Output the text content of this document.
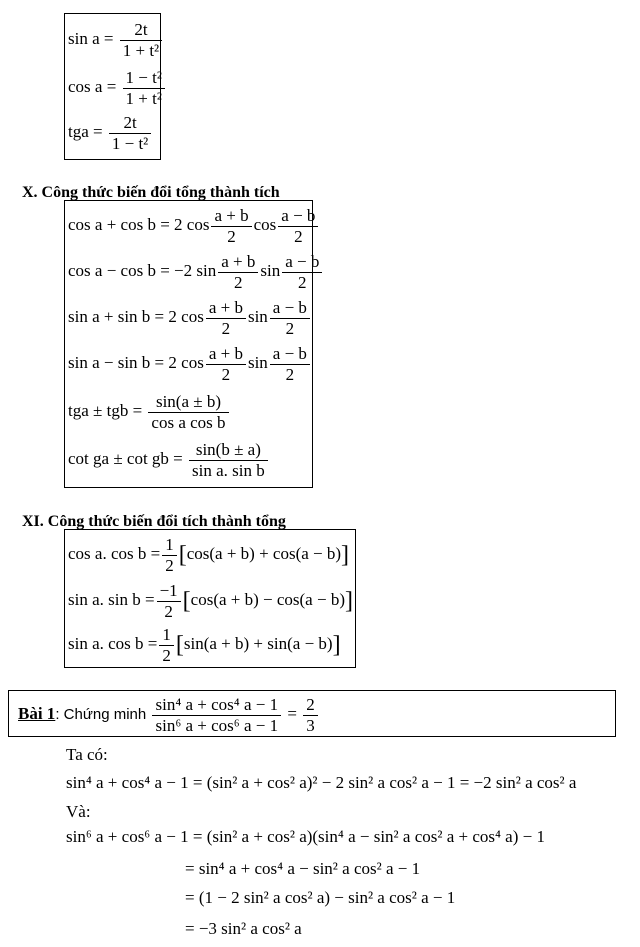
$\sin a = \frac{2t}{\text{1 + t²}}$
$\cos a = \frac{\text{1 − t²}}{\text{1 + t²}}$
tga = $\frac{2t}{\text{1 − t²}}$
X. Công thức biến đổi tổng thành tích
cos a + cos b = 2 $\cos \frac{a + b}{2}$ $\cos \frac{a - b}{2}$
cos a − cos b = −2 $\sin \frac{a + b}{2}$ $\sin \frac{a - b}{2}$
sin a + sin b = 2 $\cos \frac{a + b}{2}$ $\sin \frac{a - b}{2}$
sin a − sin b = 2 $\cos \frac{a + b}{2}$ $\sin \frac{a - b}{2}$
tga ± tgb = $\frac{\sin(a \pm b)}{\text{cos a cos b}}$
cot ga ± cot gb = $\frac{\sin(b \pm a)}{\text{sin a. sin b}}$
XI. Công thức biến đổi tích thành tổng
cos a. $\cos b = \frac{1}{2} [\cos(a + b) + \cos(a - b)]$
sin a. $\sin b = \frac{-1}{2} [\cos(a + b) - \cos(a - b)]$
sin a. $\cos b = \frac{1}{2} [\sin(a + b) + \sin(a - b)]$
Bài 1: Chứng minh $\frac{\text{sin⁴ a + cos⁴ a − 1}}{\text{sin⁶ a + cos⁶ a − 1}} = \frac{2}{3}$
Ta có:
sin⁴ a + cos⁴ a − 1 = (sin² a + cos² a)² − 2 sin² a cos² a − 1 = −2 sin² a cos² a
Và:
sin⁶ a + cos⁶ a − 1 = (sin² a + cos² a)(sin⁴ a − sin² a cos² a + cos⁴ a) − 1
= sin⁴ a + cos⁴ a − sin² a cos² a − 1
= (1 − 2 sin² a cos² a) − sin² a cos² a − 1
= −3 sin² a cos² a
